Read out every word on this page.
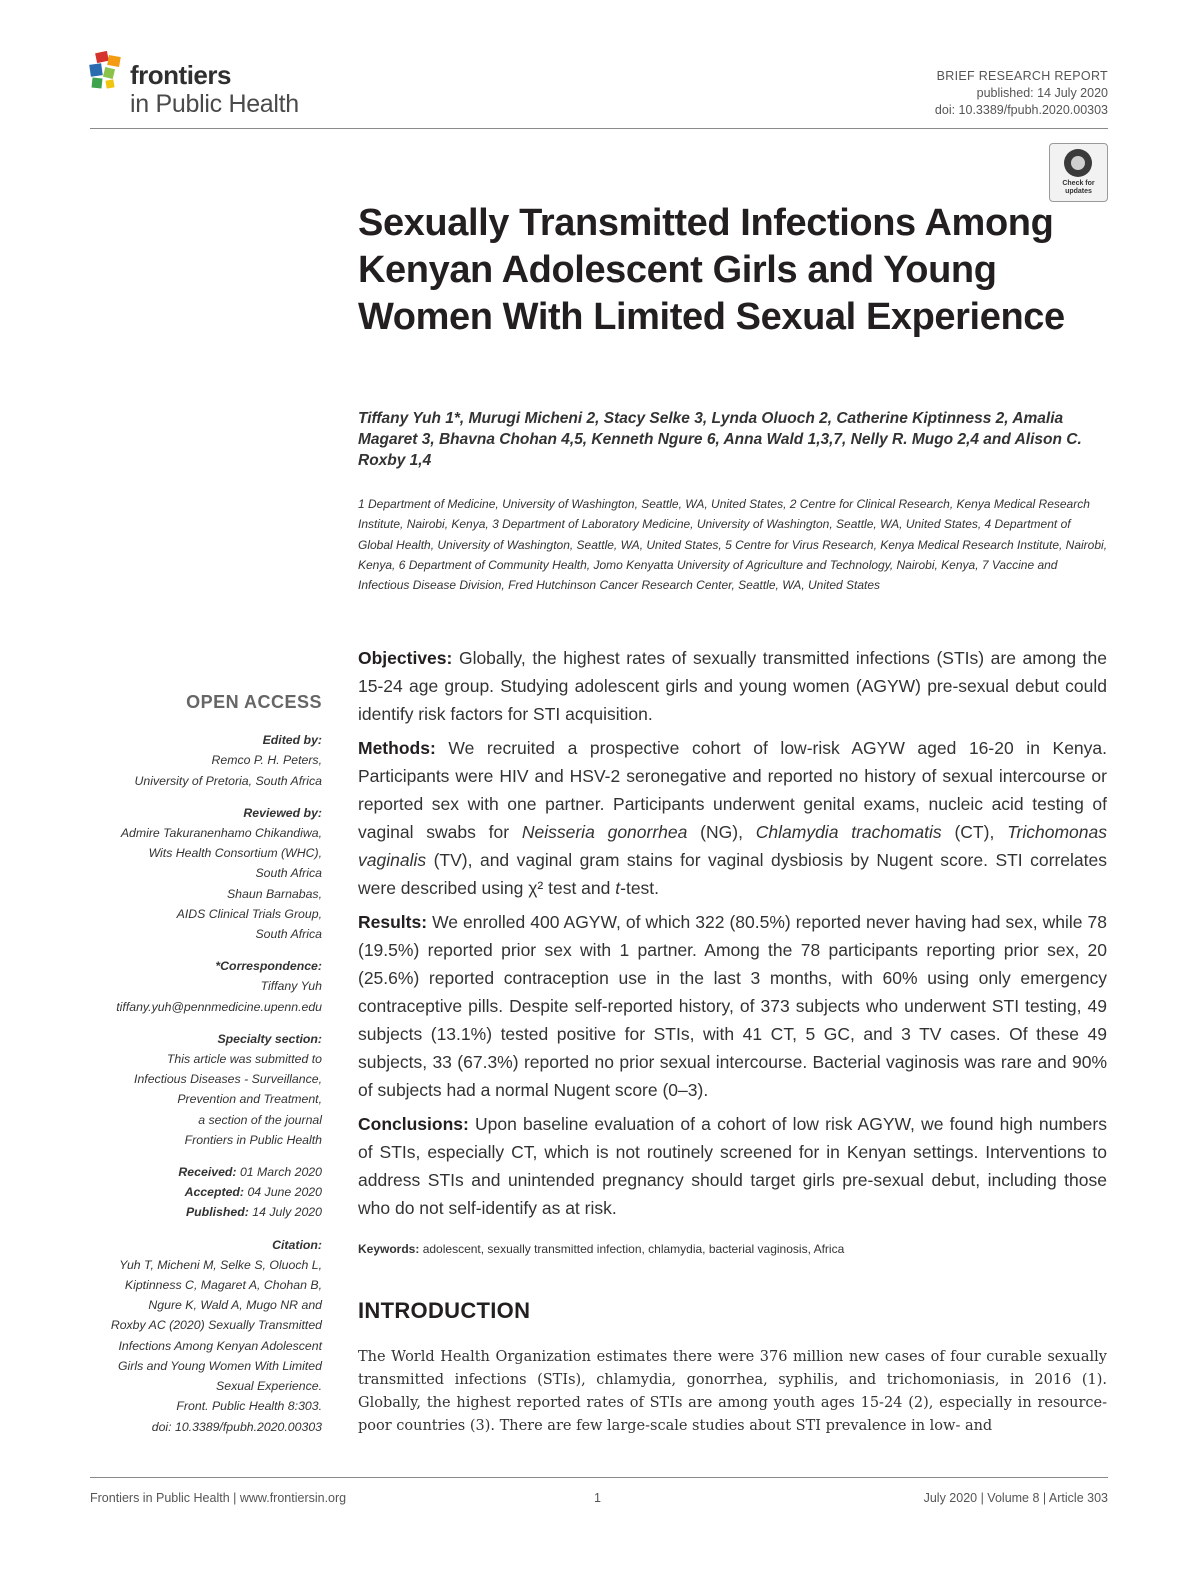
frontiers
in Public Health
BRIEF RESEARCH REPORT
published: 14 July 2020
doi: 10.3389/fpubh.2020.00303
Check for updates
Sexually Transmitted Infections Among Kenyan Adolescent Girls and Young Women With Limited Sexual Experience
Tiffany Yuh 1*, Murugi Micheni 2, Stacy Selke 3, Lynda Oluoch 2, Catherine Kiptinness 2, Amalia Magaret 3, Bhavna Chohan 4,5, Kenneth Ngure 6, Anna Wald 1,3,7, Nelly R. Mugo 2,4 and Alison C. Roxby 1,4
1 Department of Medicine, University of Washington, Seattle, WA, United States, 2 Centre for Clinical Research, Kenya Medical Research Institute, Nairobi, Kenya, 3 Department of Laboratory Medicine, University of Washington, Seattle, WA, United States, 4 Department of Global Health, University of Washington, Seattle, WA, United States, 5 Centre for Virus Research, Kenya Medical Research Institute, Nairobi, Kenya, 6 Department of Community Health, Jomo Kenyatta University of Agriculture and Technology, Nairobi, Kenya, 7 Vaccine and Infectious Disease Division, Fred Hutchinson Cancer Research Center, Seattle, WA, United States
OPEN ACCESS
Edited by:
Remco P. H. Peters,
University of Pretoria, South Africa
Reviewed by:
Admire Takuranenhamo Chikandiwa,
Wits Health Consortium (WHC),
South Africa
Shaun Barnabas,
AIDS Clinical Trials Group,
South Africa
*Correspondence:
Tiffany Yuh
tiffany.yuh@pennmedicine.upenn.edu
Specialty section:
This article was submitted to
Infectious Diseases - Surveillance,
Prevention and Treatment,
a section of the journal
Frontiers in Public Health
Received: 01 March 2020
Accepted: 04 June 2020
Published: 14 July 2020
Citation:
Yuh T, Micheni M, Selke S, Oluoch L,
Kiptinness C, Magaret A, Chohan B,
Ngure K, Wald A, Mugo NR and
Roxby AC (2020) Sexually Transmitted
Infections Among Kenyan Adolescent
Girls and Young Women With Limited
Sexual Experience.
Front. Public Health 8:303.
doi: 10.3389/fpubh.2020.00303

Objectives: Globally, the highest rates of sexually transmitted infections (STIs) are among the 15-24 age group. Studying adolescent girls and young women (AGYW) pre-sexual debut could identify risk factors for STI acquisition.

Methods: We recruited a prospective cohort of low-risk AGYW aged 16-20 in Kenya. Participants were HIV and HSV-2 seronegative and reported no history of sexual intercourse or reported sex with one partner. Participants underwent genital exams, nucleic acid testing of vaginal swabs for Neisseria gonorrhea (NG), Chlamydia trachomatis (CT), Trichomonas vaginalis (TV), and vaginal gram stains for vaginal dysbiosis by Nugent score. STI correlates were described using χ² test and t-test.

Results: We enrolled 400 AGYW, of which 322 (80.5%) reported never having had sex, while 78 (19.5%) reported prior sex with 1 partner. Among the 78 participants reporting prior sex, 20 (25.6%) reported contraception use in the last 3 months, with 60% using only emergency contraceptive pills. Despite self-reported history, of 373 subjects who underwent STI testing, 49 subjects (13.1%) tested positive for STIs, with 41 CT, 5 GC, and 3 TV cases. Of these 49 subjects, 33 (67.3%) reported no prior sexual intercourse. Bacterial vaginosis was rare and 90% of subjects had a normal Nugent score (0–3).

Conclusions: Upon baseline evaluation of a cohort of low risk AGYW, we found high numbers of STIs, especially CT, which is not routinely screened for in Kenyan settings. Interventions to address STIs and unintended pregnancy should target girls pre-sexual debut, including those who do not self-identify as at risk.

Keywords: adolescent, sexually transmitted infection, chlamydia, bacterial vaginosis, Africa
INTRODUCTION
The World Health Organization estimates there were 376 million new cases of four curable sexually transmitted infections (STIs), chlamydia, gonorrhea, syphilis, and trichomoniasis, in 2016 (1). Globally, the highest reported rates of STIs are among youth ages 15-24 (2), especially in resource-poor countries (3). There are few large-scale studies about STI prevalence in low- and
Frontiers in Public Health | www.frontiersin.org	1	July 2020 | Volume 8 | Article 303
